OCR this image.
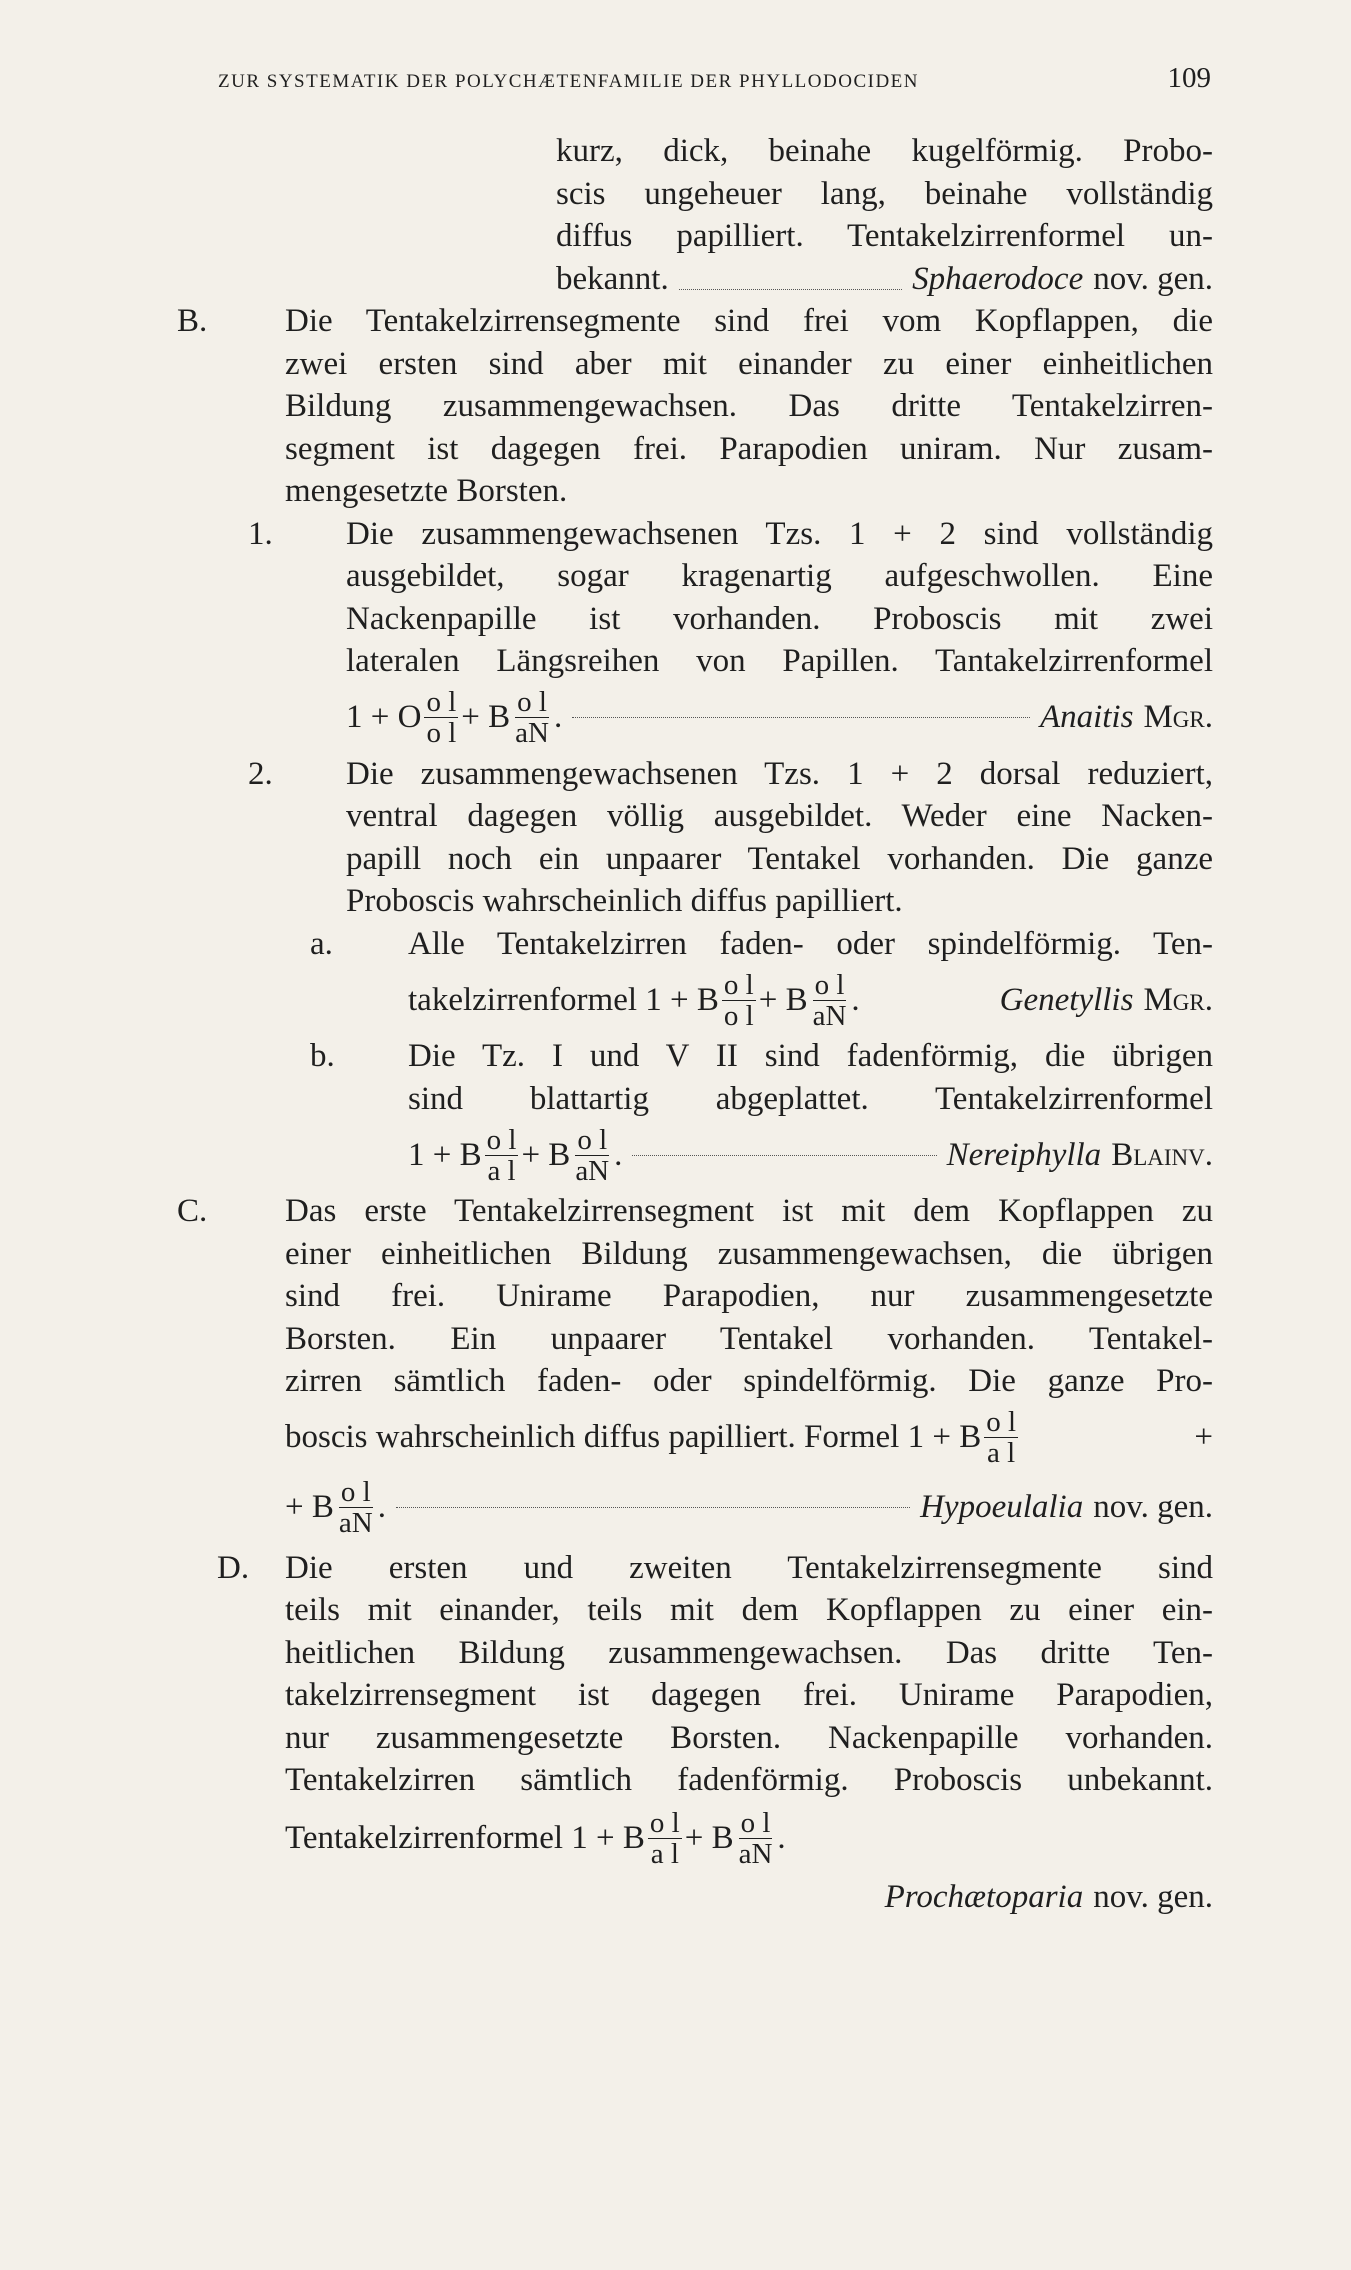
ZUR SYSTEMATIK DER POLYCHÆTENFAMILIE DER PHYLLODOCIDEN	109
kurz, dick, beinahe kugelförmig. Probo-
scis ungeheuer lang, beinahe vollständig
diffus papilliert. Tentakelzirrenformel un-
bekannt.	Sphaerodoce nov. gen.
B. Die Tentakelzirrensegmente sind frei vom Kopflappen, die
zwei ersten sind aber mit einander zu einer einheitlichen
Bildung zusammengewachsen. Das dritte Tentakelzirren-
segment ist dagegen frei. Parapodien uniram. Nur zusam-
mengesetzte Borsten.
1. Die zusammengewachsenen Tzs. 1 + 2 sind vollständig
ausgebildet, sogar kragenartig aufgeschwollen. Eine
Nackenpapille ist vorhanden. Proboscis mit zwei
lateralen Längsreihen von Papillen. Tantakelzirrenformel
1 + O $\frac{\text{o l}}{\text{o l}} + B \frac{\text{o l}}{aN}$ .	Anaitis Mgr.
2. Die zusammengewachsenen Tzs. 1 + 2 dorsal reduziert,
ventral dagegen völlig ausgebildet. Weder eine Nacken-
papill noch ein unpaarer Tentakel vorhanden. Die ganze
Proboscis wahrscheinlich diffus papilliert.
a. Alle Tentakelzirren faden- oder spindelförmig. Ten-
takelzirrenformel 1 + B $\frac{\text{o l}}{\text{o l}} + B \frac{\text{o l}}{aN}$ .	Genetyllis Mgr.
b. Die Tz. I und V II sind fadenförmig, die übrigen
sind blattartig abgeplattet. Tentakelzirrenformel
1 + B $\frac{\text{o l}}{\text{a l}} + B \frac{\text{o l}}{aN}$ .	Nereiphylla Blainv.
C. Das erste Tentakelzirrensegment ist mit dem Kopflappen zu
einer einheitlichen Bildung zusammengewachsen, die übrigen
sind frei. Unirame Parapodien, nur zusammengesetzte
Borsten. Ein unpaarer Tentakel vorhanden. Tentakel-
zirren sämtlich faden- oder spindelförmig. Die ganze Pro-
boscis wahrscheinlich diffus papilliert. Formel 1 + B $\frac{\text{o l}}{\text{a l}}$	+
+ B $\frac{\text{o l}}{aN}$ .	Hypoeulalia nov. gen.
D. Die ersten und zweiten Tentakelzirrensegmente sind
teils mit einander, teils mit dem Kopflappen zu einer ein-
heitlichen Bildung zusammengewachsen. Das dritte Ten-
takelzirrensegment ist dagegen frei. Unirame Parapodien,
nur zusammengesetzte Borsten. Nackenpapille vorhanden.
Tentakelzirren sämtlich fadenförmig. Proboscis unbekannt.
Tentakelzirrenformel 1 + B $\frac{\text{o l}}{\text{a l}} + B \frac{\text{o l}}{aN}$ .
Prochætoparia nov. gen.
